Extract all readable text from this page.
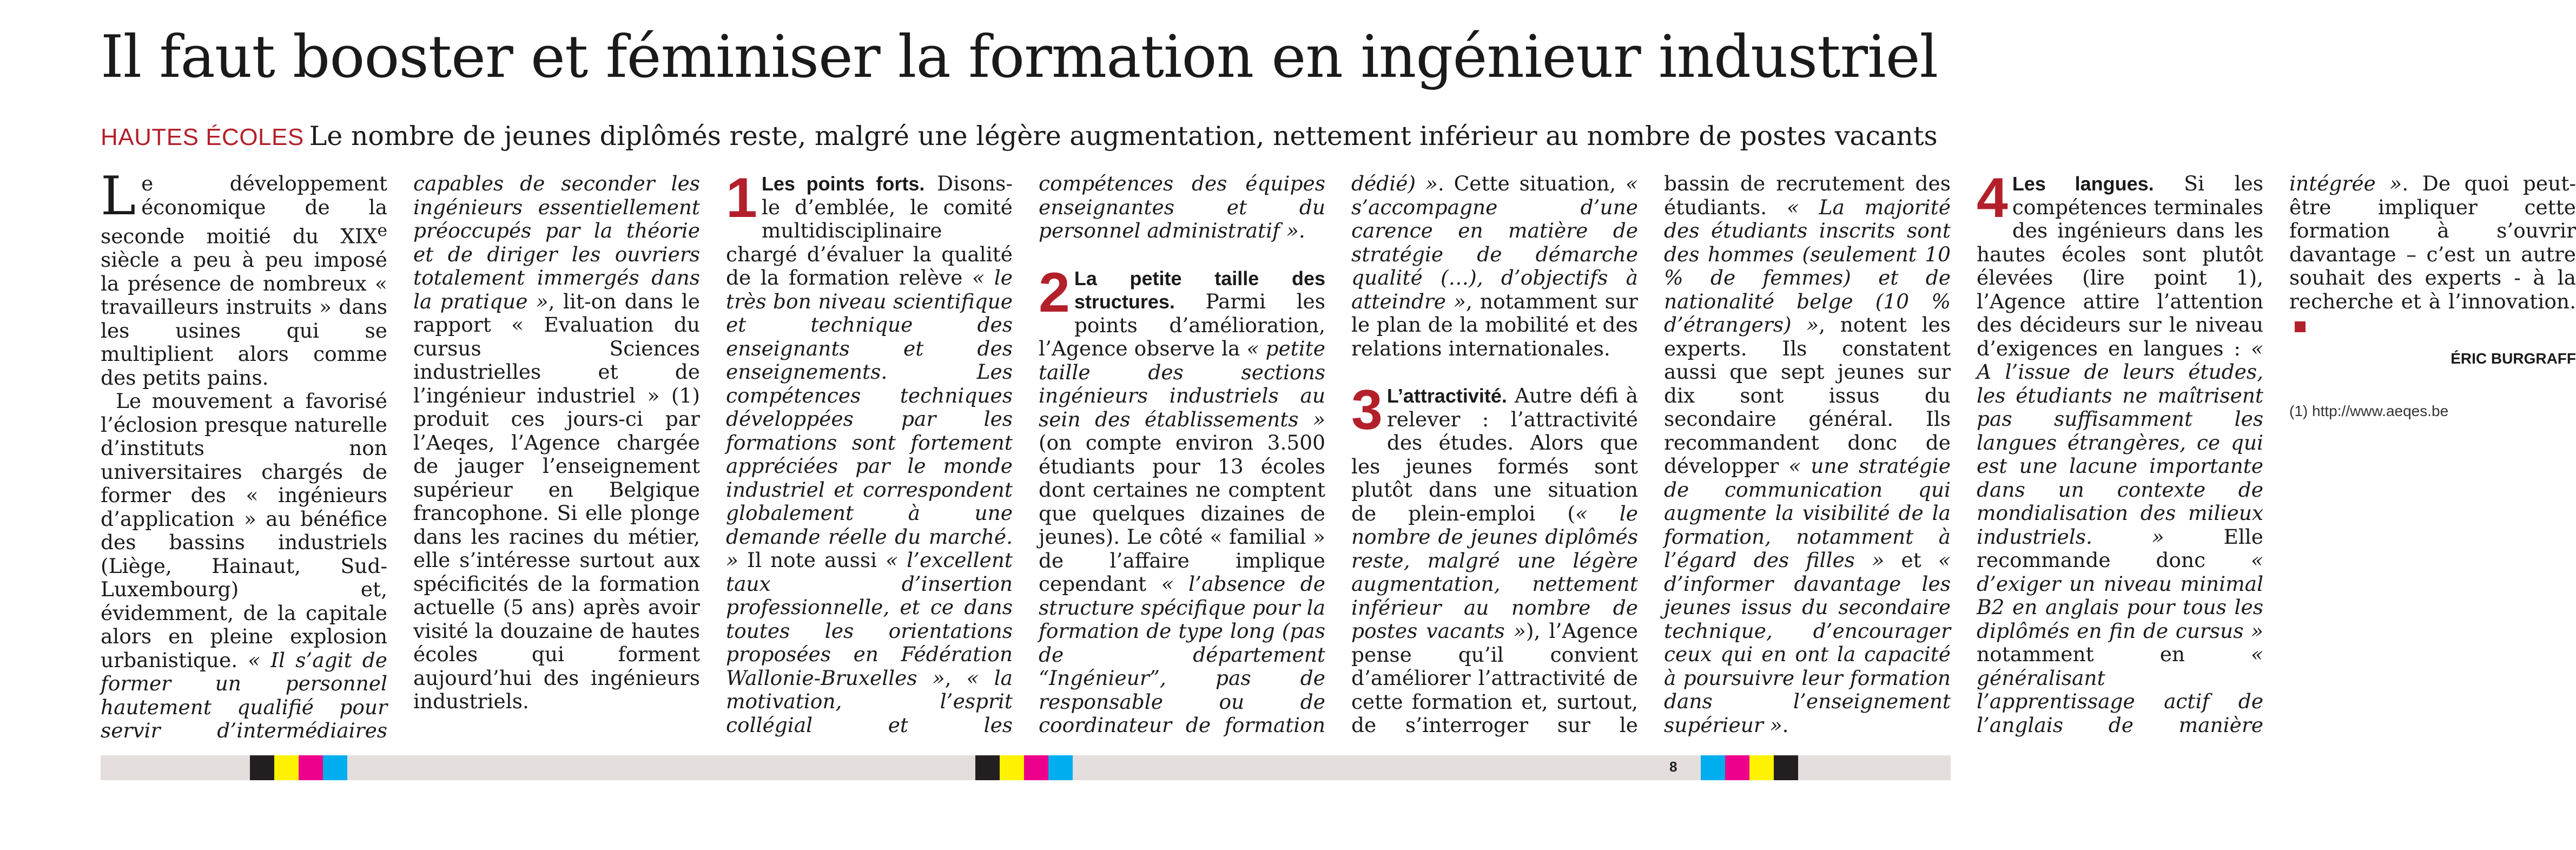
Il faut booster et féminiser la formation en ingénieur industriel
HAUTES ÉCOLES Le nombre de jeunes diplômés reste, malgré une légère augmentation, nettement inférieur au nombre de postes vacants

Le développement économique de la seconde moitié du XIXe siècle a peu à peu imposé la présence de nombreux « travailleurs instruits » dans les usines qui se multiplient alors comme des petits pains.

Le mouvement a favorisé l’éclosion presque naturelle d’instituts non universitaires chargés de former des « ingénieurs d’application » au bénéfice des bassins industriels (Liège, Hainaut, Sud-Luxembourg) et, évidemment, de la capitale alors en pleine explosion urbanistique. « Il s’agit de former un personnel hautement qualifié pour servir d’intermédiaires capables de seconder les ingénieurs essentiellement préoccupés par la théorie et de diriger les ouvriers totalement immergés dans la pratique », lit-on dans le rapport « Evaluation du cursus Sciences industrielles et de l’ingénieur industriel » (1) produit ces jours-ci par l’Aeqes, l’Agence chargée de jauger l’enseignement supérieur en Belgique francophone. Si elle plonge dans les racines du métier, elle s’intéresse surtout aux spécificités de la formation actuelle (5 ans) après avoir visité la douzaine de hautes écoles qui forment aujourd’hui des ingénieurs industriels.

1 Les points forts. Disons-le d’emblée, le comité multidisciplinaire chargé d’évaluer la qualité de la formation relève « le très bon niveau scientifique et technique des enseignants et des enseignements. Les compétences techniques développées par les formations sont fortement appréciées par le monde industriel et correspondent globalement à une demande réelle du marché. » Il note aussi « l’excellent taux d’insertion professionnelle, et ce dans toutes les orientations proposées en Fédération Wallonie-Bruxelles », « la motivation, l’esprit collégial et les compétences des équipes enseignantes et du personnel administratif ».

2 La petite taille des structures. Parmi les points d’amélioration, l’Agence observe la « petite taille des sections ingénieurs industriels au sein des établissements » (on compte environ 3.500 étudiants pour 13 écoles dont certaines ne comptent que quelques dizaines de jeunes). Le côté « familial » de l’affaire implique cependant « l’absence de structure spécifique pour la formation de type long (pas de département “Ingénieur”, pas de responsable ou de coordinateur de formation dédié) ». Cette situation, « s’accompagne d’une carence en matière de stratégie de démarche qualité (…), d’objectifs à atteindre », notamment sur le plan de la mobilité et des relations internationales.

3 L’attractivité. Autre défi à relever : l’attractivité des études. Alors que les jeunes formés sont plutôt dans une situation de plein-emploi (« le nombre de jeunes diplômés reste, malgré une légère augmentation, nettement inférieur au nombre de postes vacants »), l’Agence pense qu’il convient d’améliorer l’attractivité de cette formation et, surtout, de s’interroger sur le bassin de recrutement des étudiants. « La majorité des étudiants inscrits sont des hommes (seulement 10 % de femmes) et de nationalité belge (10 % d’étrangers) », notent les experts. Ils constatent aussi que sept jeunes sur dix sont issus du secondaire général. Ils recommandent donc de développer « une stratégie de communication qui augmente la visibilité de la formation, notamment à l’égard des filles » et « d’informer davantage les jeunes issus du secondaire technique, d’encourager ceux qui en ont la capacité à poursuivre leur formation dans l’enseignement supérieur ».

4 Les langues. Si les compétences terminales des ingénieurs dans les hautes écoles sont plutôt élevées (lire point 1), l’Agence attire l’attention des décideurs sur le niveau d’exigences en langues : « A l’issue de leurs études, les étudiants ne maîtrisent pas suffisamment les langues étrangères, ce qui est une lacune importante dans un contexte de mondialisation des milieux industriels. » Elle recommande donc « d’exiger un niveau minimal B2 en anglais pour tous les diplômés en fin de cursus » notamment en « généralisant l’apprentissage actif de l’anglais de manière intégrée ». De quoi peut-être impliquer cette formation à s’ouvrir davantage – c’est un autre souhait des experts - à la recherche et à l’innovation.

ÉRIC BURGRAFF
(1) http://www.aeqes.be
8
